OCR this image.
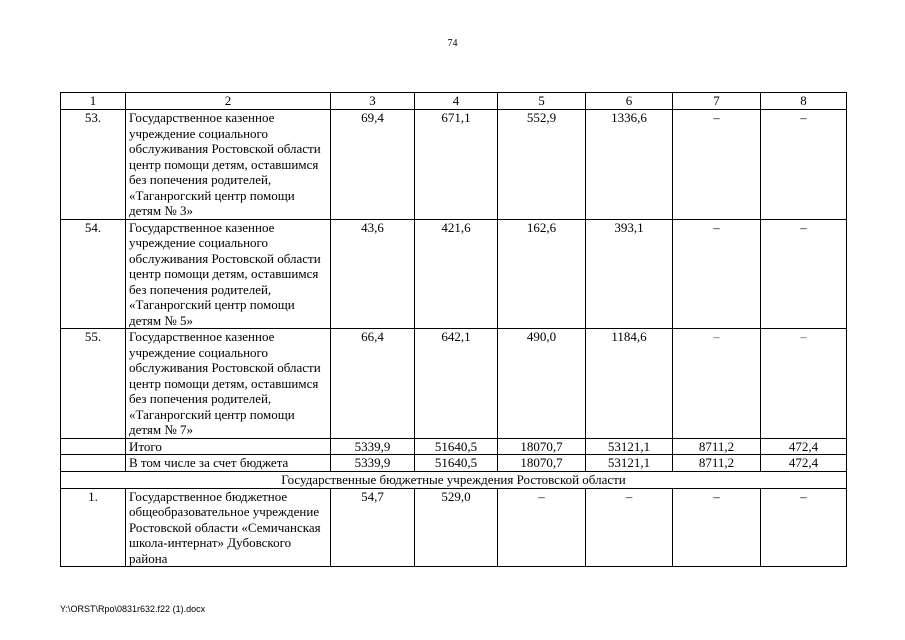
74
1	2	3	4	5	6	7	8
53.	Государственное казенное учреждение социального обслуживания Ростовской области центр помощи детям, оставшимся без попечения родителей, «Таганрогский центр помощи детям № 3»	69,4	671,1	552,9	1336,6	–	–
54.	Государственное казенное учреждение социального обслуживания Ростовской области центр помощи детям, оставшимся без попечения родителей, «Таганрогский центр помощи детям № 5»	43,6	421,6	162,6	393,1	–	–
55.	Государственное казенное учреждение социального обслуживания Ростовской области центр помощи детям, оставшимся без попечения родителей, «Таганрогский центр помощи детям № 7»	66,4	642,1	490,0	1184,6	–	–
	Итого	5339,9	51640,5	18070,7	53121,1	8711,2	472,4
	В том числе за счет бюджета	5339,9	51640,5	18070,7	53121,1	8711,2	472,4
Государственные бюджетные учреждения Ростовской области							
1.	Государственное бюджетное общеобразовательное учреждение Ростовской области «Семичанская школа-интернат» Дубовского района	54,7	529,0	–	–	–	–
Y:\ORST\Rpo\0831r632.f22 (1).docx
